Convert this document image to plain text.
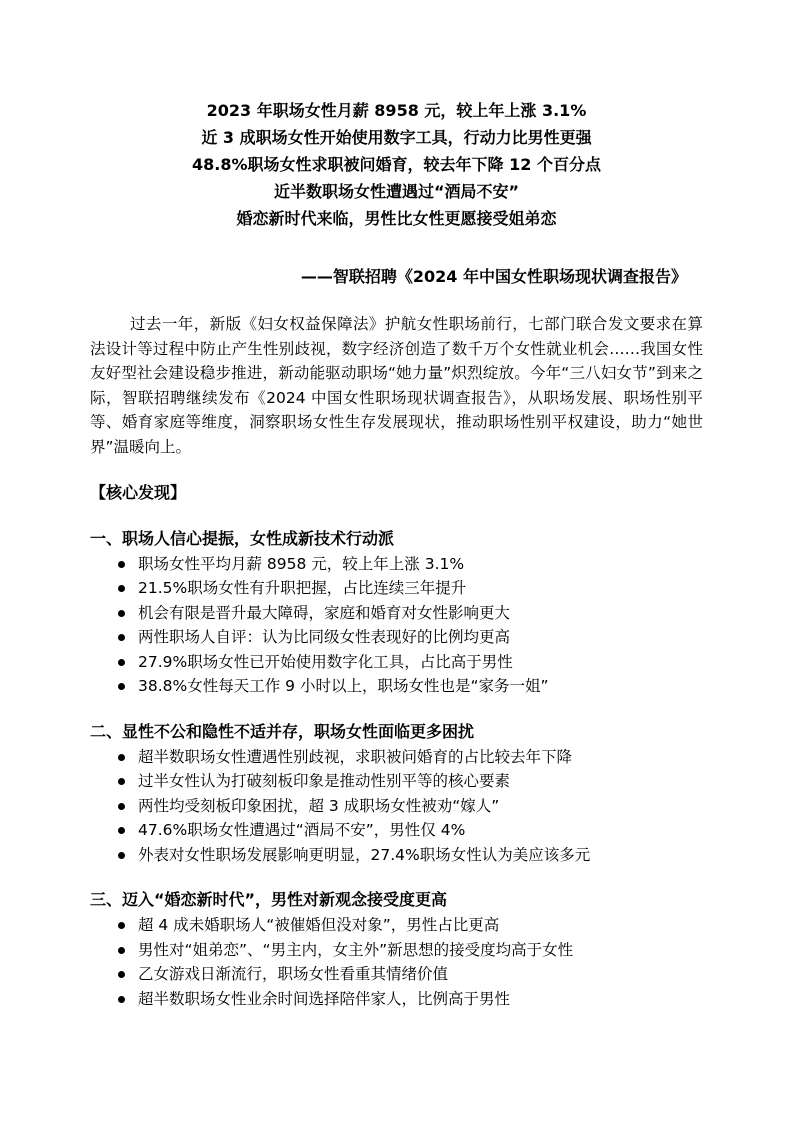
2023 年职场女性月薪 8958 元，较上年上涨 3.1%
近 3 成职场女性开始使用数字工具，行动力比男性更强
48.8%职场女性求职被问婚育，较去年下降 12 个百分点
近半数职场女性遭遇过“酒局不安”
婚恋新时代来临，男性比女性更愿接受姐弟恋
——智联招聘《2024 年中国女性职场现状调查报告》

过去一年，新版《妇女权益保障法》护航女性职场前行，七部门联合发文要求在算法设计等过程中防止产生性别歧视，数字经济创造了数千万个女性就业机会……我国女性友好型社会建设稳步推进，新动能驱动职场“她力量”炽烈绽放。今年“三八妇女节”到来之际，智联招聘继续发布《2024 中国女性职场现状调查报告》，从职场发展、职场性别平等、婚育家庭等维度，洞察职场女性生存发展现状，推动职场性别平权建设，助力“她世界”温暖向上。

【核心发现】
一、职场人信心提振，女性成新技术行动派
职场女性平均月薪 8958 元，较上年上涨 3.1%
21.5%职场女性有升职把握，占比连续三年提升
机会有限是晋升最大障碍，家庭和婚育对女性影响更大
两性职场人自评：认为比同级女性表现好的比例均更高
27.9%职场女性已开始使用数字化工具，占比高于男性
38.8%女性每天工作 9 小时以上，职场女性也是“家务一姐”
二、显性不公和隐性不适并存，职场女性面临更多困扰
超半数职场女性遭遇性别歧视，求职被问婚育的占比较去年下降
过半女性认为打破刻板印象是推动性别平等的核心要素
两性均受刻板印象困扰，超 3 成职场女性被劝“嫁人”
47.6%职场女性遭遇过“酒局不安”，男性仅 4%
外表对女性职场发展影响更明显，27.4%职场女性认为美应该多元
三、迈入“婚恋新时代”，男性对新观念接受度更高
超 4 成未婚职场人“被催婚但没对象”，男性占比更高
男性对“姐弟恋”、“男主内，女主外”新思想的接受度均高于女性
乙女游戏日渐流行，职场女性看重其情绪价值
超半数职场女性业余时间选择陪伴家人，比例高于男性
